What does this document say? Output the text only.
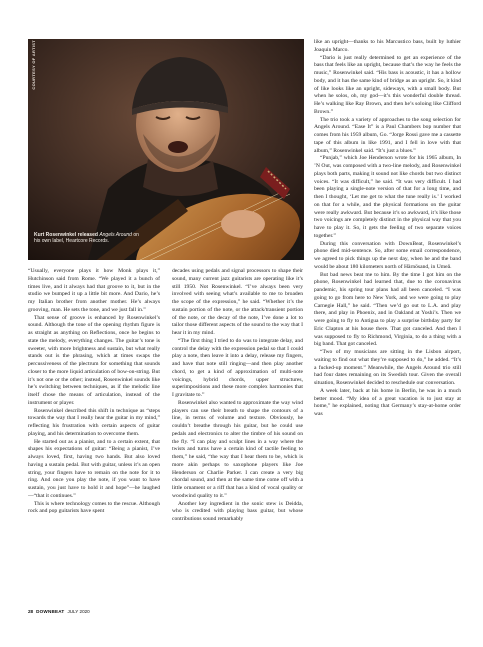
COURTESY OF ARTIST
Kurt Rosenwinkel released Angels Around on his own label, Heartcore Records.

“Usually, everyone plays it how Monk plays it,” Hutchinson said from Rome. “We played it a bunch of times live, and it always had that groove to it, but in the studio we bumped it up a little bit more. And Dario, he’s my Italian brother from another mother. He’s always grooving, man. He sets the tone, and we just fall in.”

That sense of groove is enhanced by Rosenwinkel’s sound. Although the tone of the opening rhythm figure is as straight as anything on Reflections, once he begins to state the melody, everything changes. The guitar’s tone is sweeter, with more brightness and sustain, but what really stands out is the phrasing, which at times swaps the percussiveness of the plectrum for something that sounds closer to the more liquid articulation of bow-on-string. But it’s not one or the other; instead, Rosenwinkel sounds like he’s switching between techniques, as if the melodic line itself chose the means of articulation, instead of the instrument or player.

Rosenwinkel described this shift in technique as “steps towards the way that I really hear the guitar in my mind,” reflecting his frustration with certain aspects of guitar playing, and his determination to overcome them.

He started out as a pianist, and to a certain extent, that shapes his expectations of guitar: “Being a pianist, I’ve always loved, first, having two hands. But also loved having a sustain pedal. But with guitar, unless it’s an open string, your fingers have to remain on the note for it to ring. And once you play the note, if you want to have sustain, you just have to hold it and hope”—he laughed—“that it continues.”

This is where technology comes to the rescue. Although rock and pop guitarists have spent

decades using pedals and signal processors to shape their sound, many current jazz guitarists are operating like it’s still 1950. Not Rosenwinkel. “I’ve always been very involved with seeing what’s available to me to broaden the scope of the expression,” he said. “Whether it’s the sustain portion of the note, or the attack/transient portion of the note, or the decay of the note, I’ve done a lot to tailor those different aspects of the sound to the way that I hear it in my mind.

“The first thing I tried to do was to integrate delay, and control the delay with the expression pedal so that I could play a note, then leave it into a delay, release my fingers, and have that note still ringing—and then play another chord, to get a kind of approximation of multi-note voicings, hybrid chords, upper structures, superimpositions and these more complex harmonies that I gravitate to.”

Rosenwinkel also wanted to approximate the way wind players can use their breath to shape the contours of a line, in terms of volume and texture. Obviously, he couldn’t breathe through his guitar, but he could use pedals and electronics to alter the timbre of his sound on the fly. “I can play and sculpt lines in a way where the twists and turns have a certain kind of tactile feeling to them,” he said, “the way that I hear them to be, which is more akin perhaps to saxophone players like Joe Henderson or Charlie Parker. I can create a very big chordal sound, and then at the same time come off with a little ornament or a riff that has a kind of vocal quality or woodwind quality to it.”

Another key ingredient in the sonic stew is Deidda, who is credited with playing bass guitar, but whose contributions sound remarkably

like an upright—thanks to his Marcustico bass, built by luthier Joaquin Marco.

“Dario is just really determined to get an experience of the bass that feels like an upright, because that’s the way he feels the music,” Rosenwinkel said. “His bass is acoustic, it has a hollow body, and it has the same kind of bridge as an upright. So, it kind of like looks like an upright, sideways, with a small body. But when he solos, oh, my god—it’s this wonderful double thread. He’s walking like Ray Brown, and then he’s soloing like Clifford Brown.”

The trio took a variety of approaches to the song selection for Angels Around. “Ease It” is a Paul Chambers bop number that comes from his 1959 album, Go. “Jorge Rossi gave me a cassette tape of this album in like 1991, and I fell in love with that album,” Rosenwinkel said. “It’s just a blues.”

“Punjab,” which Joe Henderson wrote for his 1965 album, In ’N Out, was composed with a two-line melody, and Rosenwinkel plays both parts, making it sound not like chords but two distinct voices. “It was difficult,” he said. “It was very difficult. I had been playing a single-note version of that for a long time, and then I thought, ‘Let me get to what the tune really is.’ I worked on that for a while, and the physical formations on the guitar were really awkward. But because it’s so awkward, it’s like those two voicings are completely distinct in the physical way that you have to play it. So, it gets the feeling of two separate voices together.”

During this conversation with DownBeat, Rosenwinkel’s phone died mid-sentence. So, after some email correspondence, we agreed to pick things up the next day, when he and the band would be about 180 kilometers north of Härnösand, in Umeå.

But bad news beat me to him. By the time I got him on the phone, Rosenwinkel had learned that, due to the coronavirus pandemic, his spring tour plans had all been canceled. “I was going to go from here to New York, and we were going to play Carnegie Hall,” he said. “Then we’d go out to L.A. and play there, and play in Phoenix, and in Oakland at Yoshi’s. Then we were going to fly to Antigua to play a surprise birthday party for Eric Clapton at his house there. That got canceled. And then I was supposed to fly to Richmond, Virginia, to do a thing with a big band. That got canceled.

“Two of my musicians are sitting in the Lisbon airport, waiting to find out what they’re supposed to do,” he added. “It’s a fucked-up moment.” Meanwhile, the Angels Around trio still had four dates remaining on its Swedish tour. Given the overall situation, Rosenwinkel decided to reschedule our conversation.

A week later, back at his home in Berlin, he was in a much better mood. “My idea of a great vacation is to just stay at home,” he explained, noting that Germany’s stay-at-home order was

28 DOWNBEAT JULY 2020
